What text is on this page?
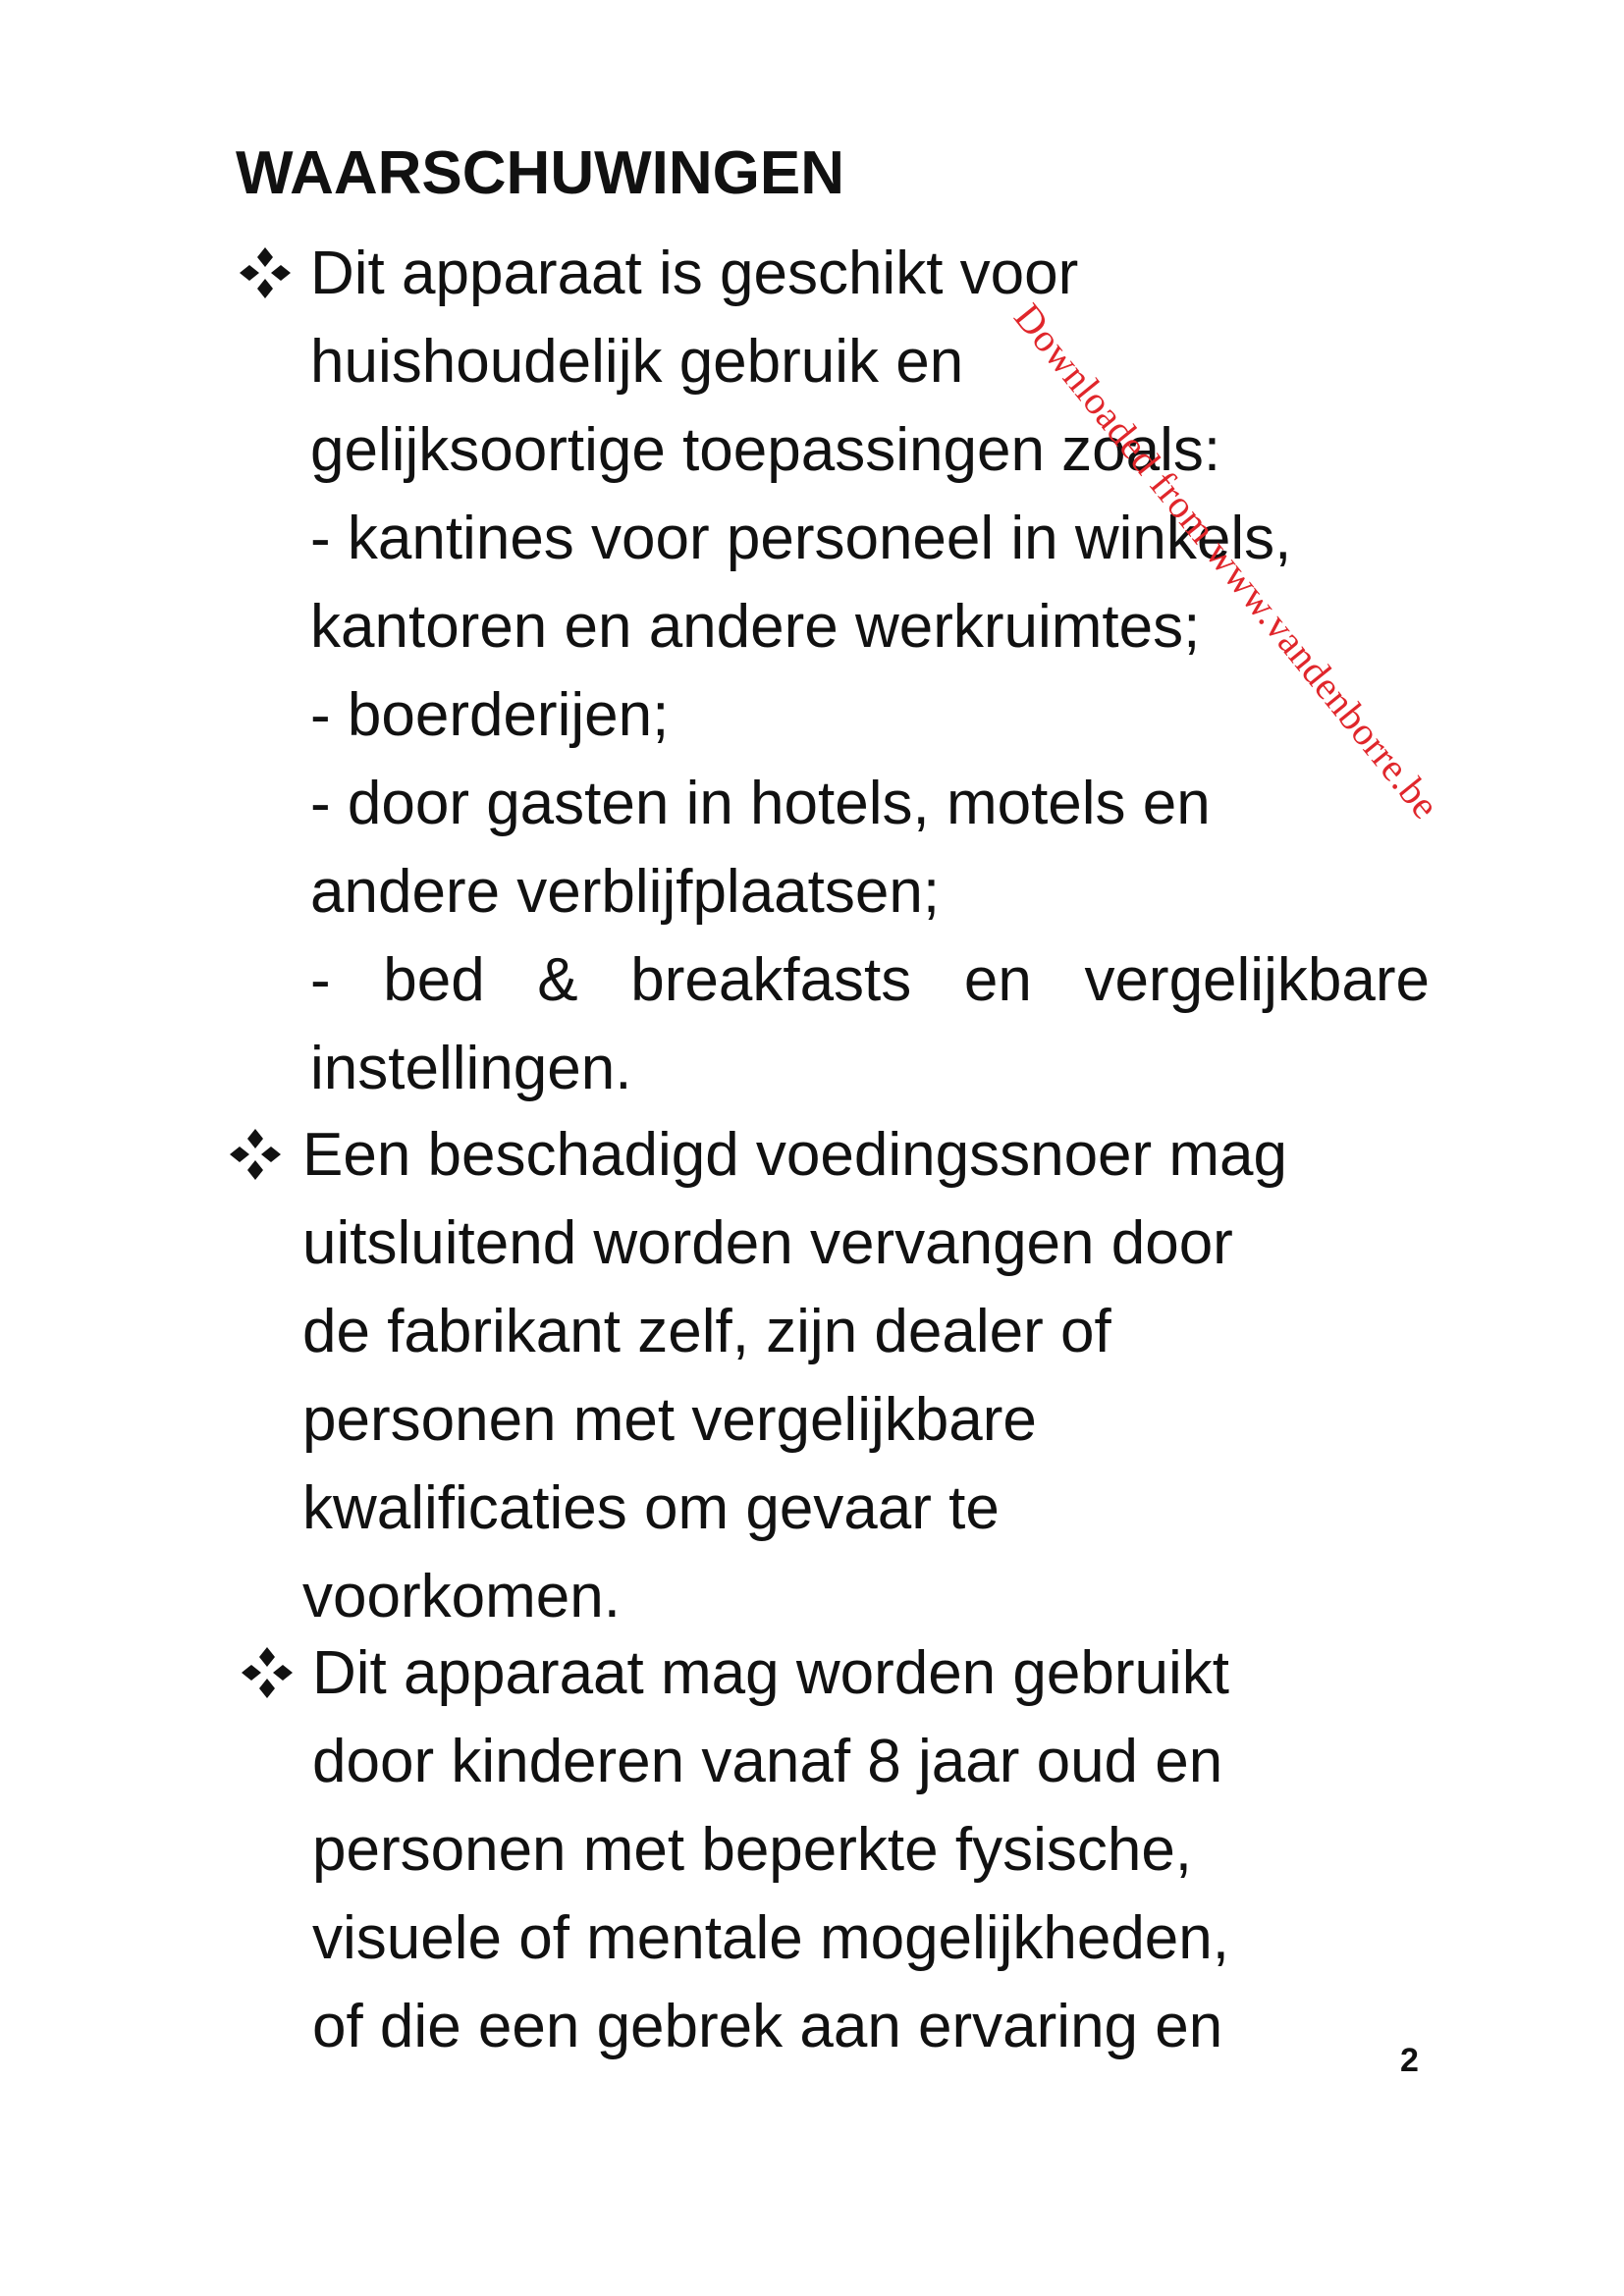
WAARSCHUWINGEN
Dit apparaat is geschikt voor
huishoudelijk gebruik en
gelijksoortige toepassingen zoals:
- kantines voor personeel in winkels,
kantoren en andere werkruimtes;
- boerderijen;
- door gasten in hotels, motels en
andere verblijfplaatsen;
- bed & breakfasts en vergelijkbare
instellingen.
Een beschadigd voedingssnoer mag
uitsluitend worden vervangen door
de fabrikant zelf, zijn dealer of
personen met vergelijkbare
kwalificaties om gevaar te
voorkomen.
Dit apparaat mag worden gebruikt
door kinderen vanaf 8 jaar oud en
personen met beperkte fysische,
visuele of mentale mogelijkheden,
of die een gebrek aan ervaring en
Downloaded from www.vandenborre.be
2
